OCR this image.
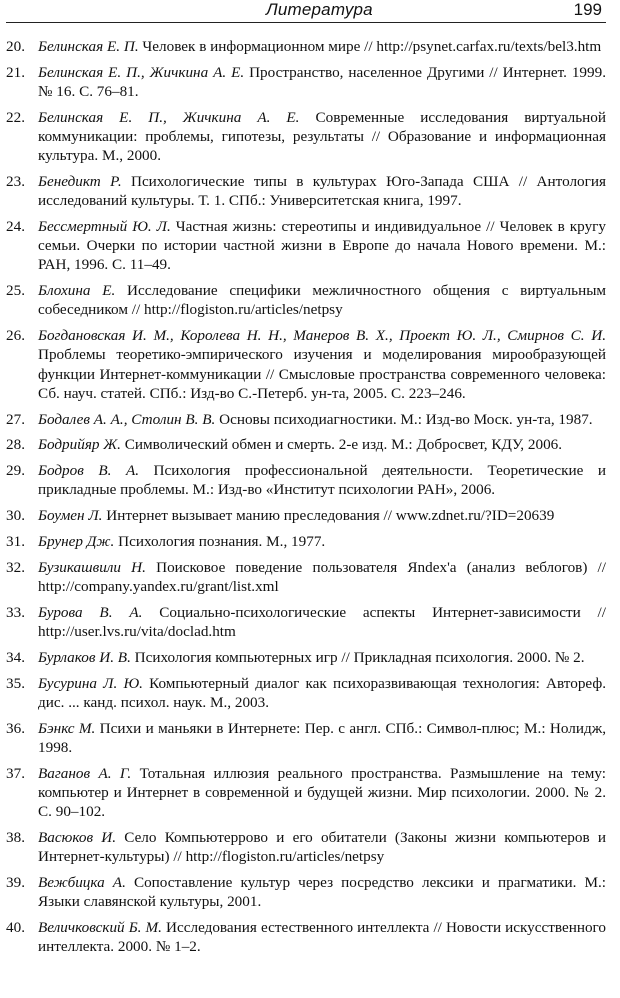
Литература	199
20. Белинская Е. П. Человек в информационном мире // http://psynet.carfax.ru/texts/bel3.htm
21. Белинская Е. П., Жичкина А. Е. Пространство, населенное Другими // Интернет. 1999. № 16. С. 76–81.
22. Белинская Е. П., Жичкина А. Е. Современные исследования виртуальной коммуникации: проблемы, гипотезы, результаты // Образование и информационная культура. М., 2000.
23. Бенедикт Р. Психологические типы в культурах Юго-Запада США // Антология исследований культуры. Т. 1. СПб.: Университетская книга, 1997.
24. Бессмертный Ю. Л. Частная жизнь: стереотипы и индивидуальное // Человек в кругу семьи. Очерки по истории частной жизни в Европе до начала Нового времени. М.: РАН, 1996. С. 11–49.
25. Блохина Е. Исследование специфики межличностного общения с виртуальным собеседником // http://flogiston.ru/articles/netpsy
26. Богдановская И. М., Королева Н. Н., Манеров В. Х., Проект Ю. Л., Смирнов С. И. Проблемы теоретико-эмпирического изучения и моделирования мирообразующей функции Интернет-коммуникации // Смысловые пространства современного человека: Сб. науч. статей. СПб.: Изд-во С.-Петерб. ун-та, 2005. С. 223–246.
27. Бодалев А. А., Столин В. В. Основы психодиагностики. М.: Изд-во Моск. ун-та, 1987.
28. Бодрийяр Ж. Символический обмен и смерть. 2-е изд. М.: Добросвет, КДУ, 2006.
29. Бодров В. А. Психология профессиональной деятельности. Теоретические и прикладные проблемы. М.: Изд-во «Институт психологии РАН», 2006.
30. Боумен Л. Интернет вызывает манию преследования // www.zdnet.ru/?ID=20639
31. Брунер Дж. Психология познания. М., 1977.
32. Бузикашвили Н. Поисковое поведение пользователя Яndex'а (анализ веблогов) // http://company.yandex.ru/grant/list.xml
33. Бурова В. А. Социально-психологические аспекты Интернет-зависимости // http://user.lvs.ru/vita/doclad.htm
34. Бурлаков И. В. Психология компьютерных игр // Прикладная психология. 2000. № 2.
35. Бусурина Л. Ю. Компьютерный диалог как психоразвивающая технология: Автореф. дис. ... канд. психол. наук. М., 2003.
36. Бэнкс М. Психи и маньяки в Интернете: Пер. с англ. СПб.: Символ-плюс; М.: Нолидж, 1998.
37. Ваганов А. Г. Тотальная иллюзия реального пространства. Размышление на тему: компьютер и Интернет в современной и будущей жизни. Мир психологии. 2000. № 2. С. 90–102.
38. Васюков И. Село Компьютеррово и его обитатели (Законы жизни компьютеров и Интернет-культуры) // http://flogiston.ru/articles/netpsy
39. Вежбицка А. Сопоставление культур через посредство лексики и прагматики. М.: Языки славянской культуры, 2001.
40. Величковский Б. М. Исследования естественного интеллекта // Новости искусственного интеллекта. 2000. № 1–2.
